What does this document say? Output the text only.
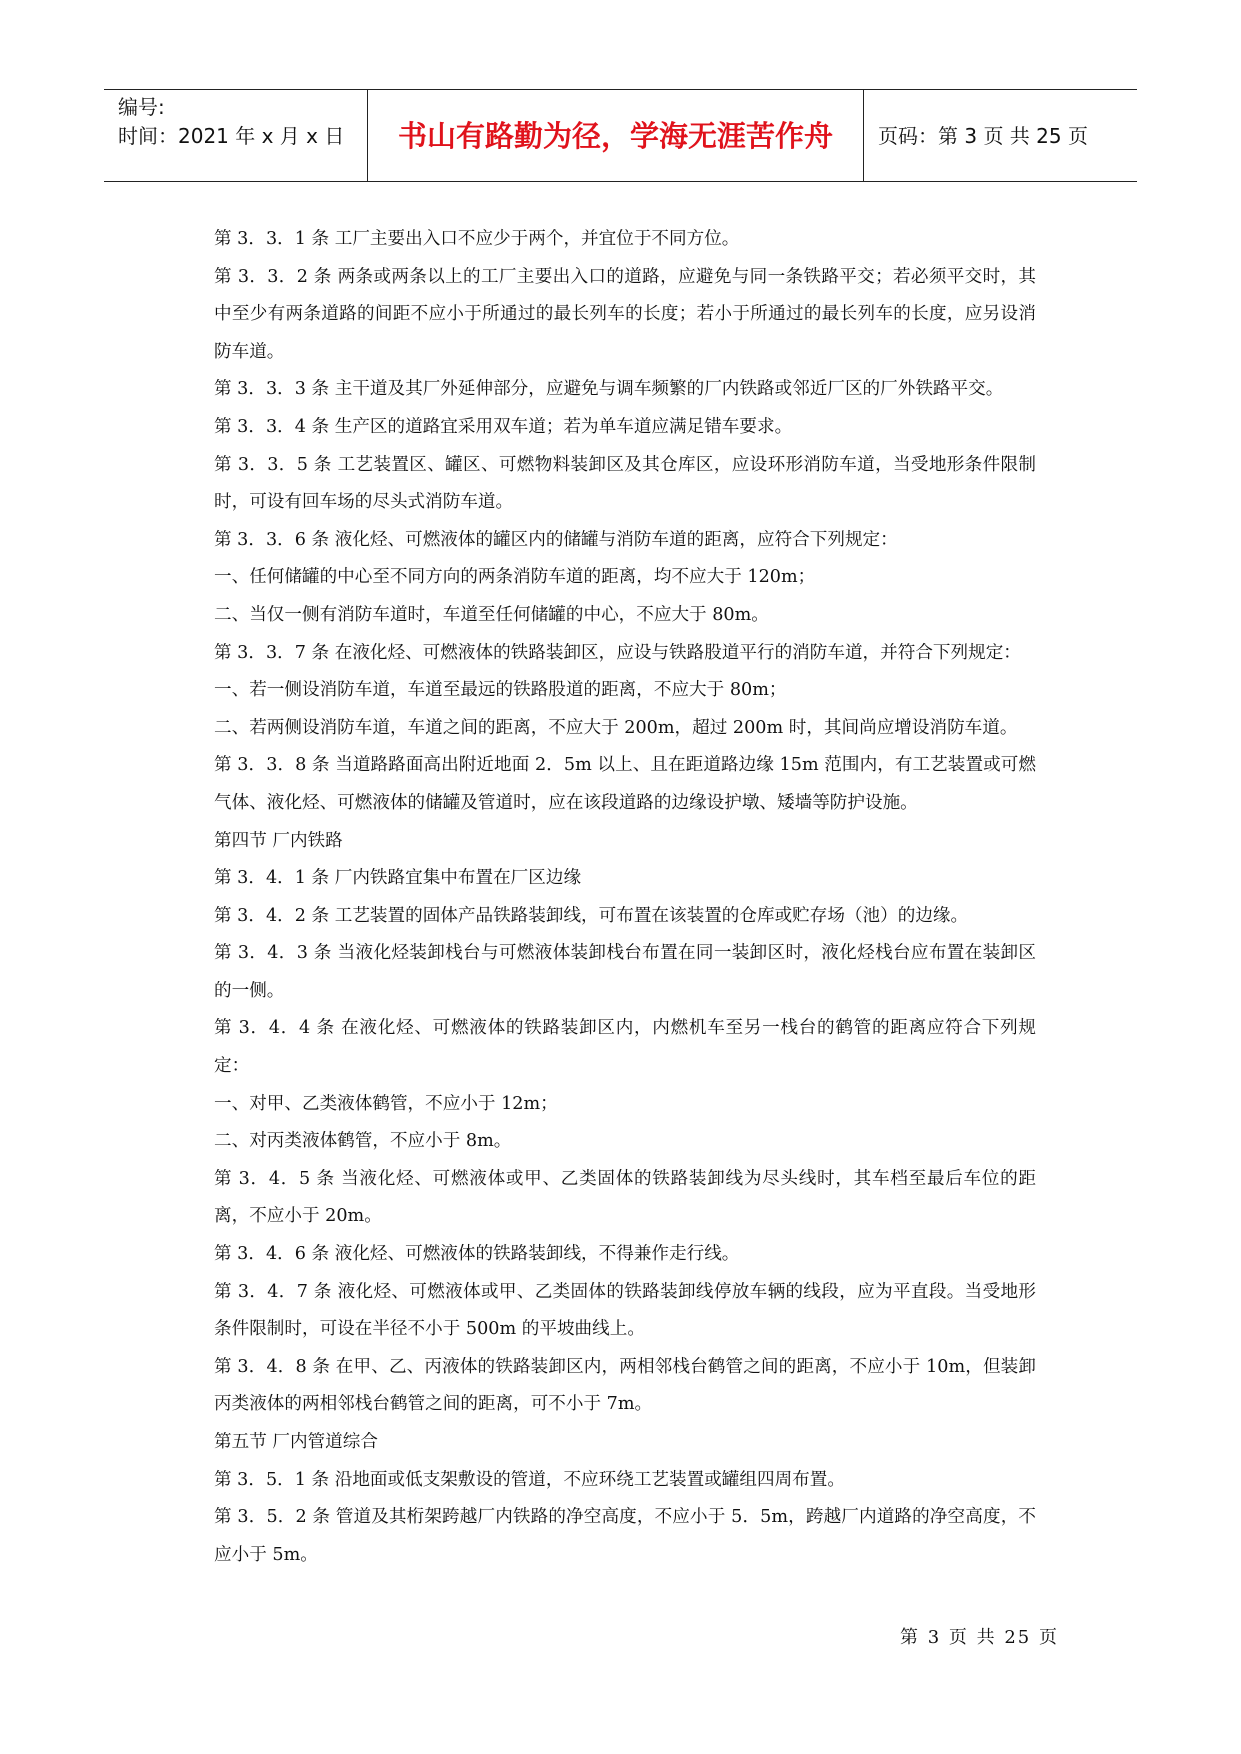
编号:
时间：2021 年 x 月 x 日	书山有路勤为径，学海无涯苦作舟	页码：第 3 页 共 25 页

第 3．3．1 条 工厂主要出入口不应少于两个，并宜位于不同方位。

第 3．3．2 条 两条或两条以上的工厂主要出入口的道路，应避免与同一条铁路平交；若必须平交时，其中至少有两条道路的间距不应小于所通过的最长列车的长度；若小于所通过的最长列车的长度，应另设消防车道。

第 3．3．3 条 主干道及其厂外延伸部分，应避免与调车频繁的厂内铁路或邻近厂区的厂外铁路平交。

第 3．3．4 条 生产区的道路宜采用双车道；若为单车道应满足错车要求。

第 3．3．5 条 工艺装置区、罐区、可燃物料装卸区及其仓库区，应设环形消防车道，当受地形条件限制时，可设有回车场的尽头式消防车道。

第 3．3．6 条 液化烃、可燃液体的罐区内的储罐与消防车道的距离，应符合下列规定：

一、任何储罐的中心至不同方向的两条消防车道的距离，均不应大于 120m；

二、当仅一侧有消防车道时，车道至任何储罐的中心，不应大于 80m。

第 3．3．7 条 在液化烃、可燃液体的铁路装卸区，应设与铁路股道平行的消防车道，并符合下列规定：

一、若一侧设消防车道，车道至最远的铁路股道的距离，不应大于 80m；

二、若两侧设消防车道，车道之间的距离，不应大于 200m，超过 200m 时，其间尚应增设消防车道。

第 3．3．8 条 当道路路面高出附近地面 2．5m 以上、且在距道路边缘 15m 范围内，有工艺装置或可燃气体、液化烃、可燃液体的储罐及管道时，应在该段道路的边缘设护墩、矮墙等防护设施。

第四节 厂内铁路

第 3．4．1 条 厂内铁路宜集中布置在厂区边缘

第 3．4．2 条 工艺装置的固体产品铁路装卸线，可布置在该装置的仓库或贮存场（池）的边缘。

第 3．4．3 条 当液化烃装卸栈台与可燃液体装卸栈台布置在同一装卸区时，液化烃栈台应布置在装卸区的一侧。

第 3．4．4 条 在液化烃、可燃液体的铁路装卸区内，内燃机车至另一栈台的鹤管的距离应符合下列规定：

一、对甲、乙类液体鹤管，不应小于 12m；

二、对丙类液体鹤管，不应小于 8m。

第 3．4．5 条 当液化烃、可燃液体或甲、乙类固体的铁路装卸线为尽头线时，其车档至最后车位的距离，不应小于 20m。

第 3．4．6 条 液化烃、可燃液体的铁路装卸线，不得兼作走行线。

第 3．4．7 条 液化烃、可燃液体或甲、乙类固体的铁路装卸线停放车辆的线段，应为平直段。当受地形条件限制时，可设在半径不小于 500m 的平坡曲线上。

第 3．4．8 条 在甲、乙、丙液体的铁路装卸区内，两相邻栈台鹤管之间的距离，不应小于 10m，但装卸丙类液体的两相邻栈台鹤管之间的距离，可不小于 7m。

第五节 厂内管道综合

第 3．5．1 条 沿地面或低支架敷设的管道，不应环绕工艺装置或罐组四周布置。

第 3．5．2 条 管道及其桁架跨越厂内铁路的净空高度，不应小于 5．5m，跨越厂内道路的净空高度，不应小于 5m。

第 3 页 共 25 页
